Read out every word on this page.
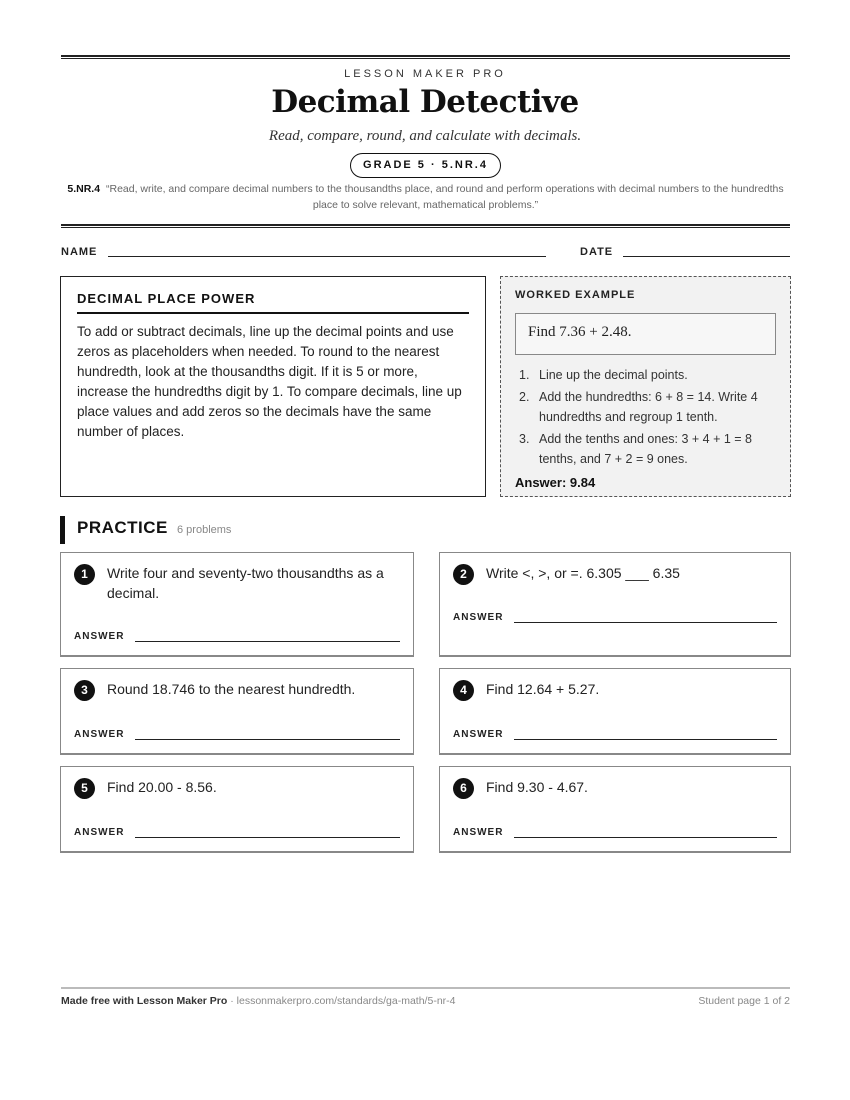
LESSON MAKER PRO
Decimal Detective
Read, compare, round, and calculate with decimals.
GRADE 5 · 5.NR.4
5.NR.4 “Read, write, and compare decimal numbers to the thousandths place, and round and perform operations with decimal numbers to the hundredths place to solve relevant, mathematical problems.”
NAME	DATE
DECIMAL PLACE POWER

To add or subtract decimals, line up the decimal points and use zeros as placeholders when needed. To round to the nearest hundredth, look at the thousandths digit. If it is 5 or more, increase the hundredths digit by 1. To compare decimals, line up place values and add zeros so the decimals have the same number of places.

WORKED EXAMPLE
Find 7.36 + 2.48.
1. Line up the decimal points.
2. Add the hundredths: 6 + 8 = 14. Write 4 hundredths and regroup 1 tenth.
3. Add the tenths and ones: 3 + 4 + 1 = 8 tenths, and 7 + 2 = 9 ones.
Answer: 9.84
PRACTICE 6 problems
1	Write four and seventy-two thousandths as a decimal.
ANSWER
2	Write <, >, or =. 6.305 ___ 6.35
ANSWER
3	Round 18.746 to the nearest hundredth.
ANSWER
4	Find 12.64 + 5.27.
ANSWER
5	Find 20.00 - 8.56.
ANSWER
6	Find 9.30 - 4.67.
ANSWER
Made free with Lesson Maker Pro · lessonmakerpro.com/standards/ga-math/5-nr-4	Student page 1 of 2
